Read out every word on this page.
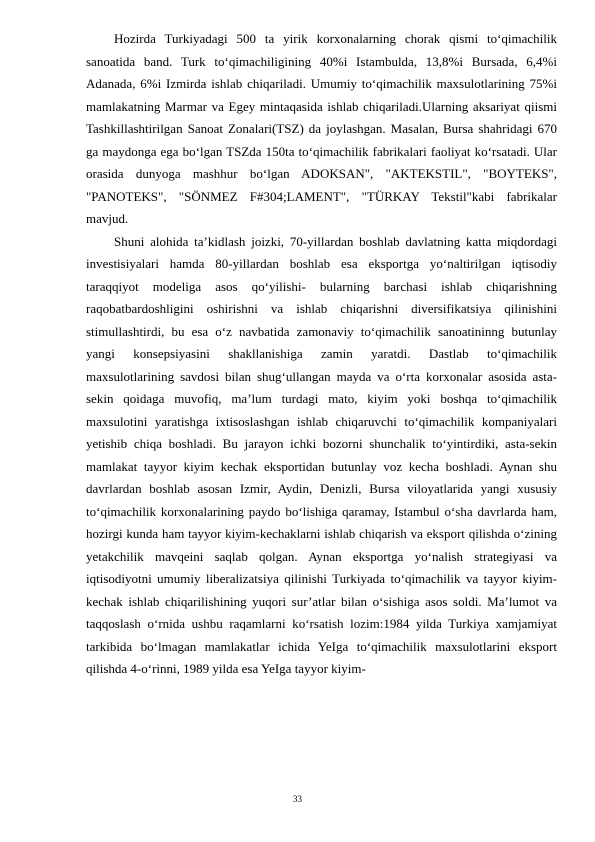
Hozirda Turkiyadagi 500 ta yirik korxonalarning chorak qismi to‘qimachilik sanoatida band. Turk to‘qimachiligining 40%i Istambulda, 13,8%i Bursada, 6,4%i Adanada, 6%i Izmirda ishlab chiqariladi. Umumiy to‘qimachilik maxsulotlarining 75%i mamlakatning Marmar va Egey mintaqasida ishlab chiqariladi.Ularning aksariyat qiismi Tashkillashtirilgan Sanoat Zonalari(TSZ) da joylashgan. Masalan, Bursa shahridagi 670 ga maydonga ega bo‘lgan TSZda 150ta to‘qimachilik fabrikalari faoliyat ko‘rsatadi. Ular orasida dunyoga mashhur bo‘lgan ADOKSAN", "AKTEKSTIL", "BOYTEKS", "PANOTEKS", "SÖNMEZ F#304;LAMENT", "TÜRKAY Tekstil"kabi fabrikalar mavjud.

Shuni alohida ta’kidlash joizki, 70-yillardan boshlab davlatning katta miqdordagi investisiyalari hamda 80-yillardan boshlab esa eksportga yo‘naltirilgan iqtisodiy taraqqiyot modeliga asos qo‘yilishi- bularning barchasi ishlab chiqarishning raqobatbardoshligini oshirishni va ishlab chiqarishni diversifikatsiya qilinishini stimullashtirdi, bu esa o‘z navbatida zamonaviy to‘qimachilik sanoatininng butunlay yangi konsepsiyasini shakllanishiga zamin yaratdi. Dastlab to‘qimachilik maxsulotlarining savdosi bilan shug‘ullangan mayda va o‘rta korxonalar asosida asta-sekin qoidaga muvofiq, ma’lum turdagi mato, kiyim yoki boshqa to‘qimachilik maxsulotini yaratishga ixtisoslashgan ishlab chiqaruvchi to‘qimachilik kompaniyalari yetishib chiqa boshladi. Bu jarayon ichki bozorni shunchalik to‘yintirdiki, asta-sekin mamlakat tayyor kiyim kechak eksportidan butunlay voz kecha boshladi. Aynan shu davrlardan boshlab asosan Izmir, Aydin, Denizli, Bursa viloyatlarida yangi xususiy to‘qimachilik korxonalarining paydo bo‘lishiga qaramay, Istambul o‘sha davrlarda ham, hozirgi kunda ham tayyor kiyim-kechaklarni ishlab chiqarish va eksport qilishda o‘zining yetakchilik mavqeini saqlab qolgan. Aynan eksportga yo‘nalish strategiyasi va iqtisodiyotni umumiy liberalizatsiya qilinishi Turkiyada to‘qimachilik va tayyor kiyim-kechak ishlab chiqarilishining yuqori sur’atlar bilan o‘sishiga asos soldi. Ma’lumot va taqqoslash o‘rnida ushbu raqamlarni ko‘rsatish lozim:1984 yilda Turkiya xamjamiyat tarkibida bo‘lmagan mamlakatlar ichida YeIga to‘qimachilik maxsulotlarini eksport qilishda 4-o‘rinni, 1989 yilda esa YeIga tayyor kiyim-

33
